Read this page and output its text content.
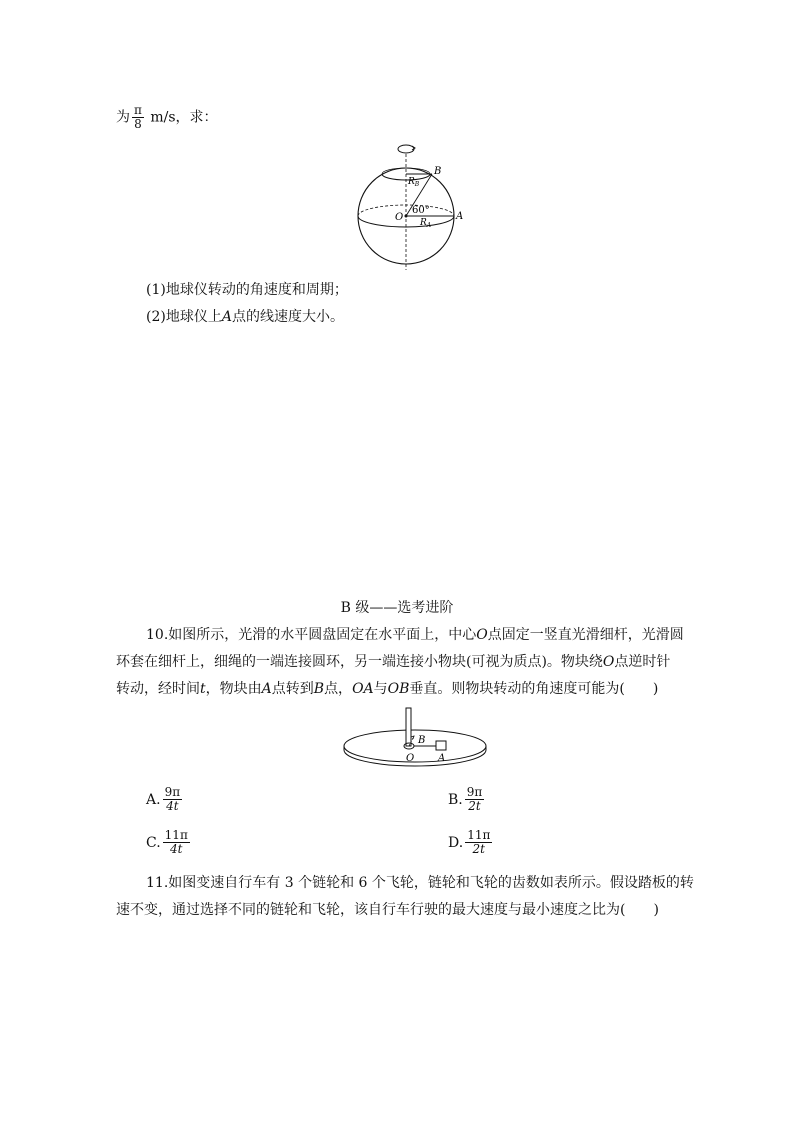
为 $\frac{\pi}{8} m/s$，求：
B
$R_B$
O
60°
$R_A$
A
(1)地球仪转动的角速度和周期；
(2)地球仪上A点的线速度大小。
B 级——选考进阶
10.如图所示，光滑的水平圆盘固定在水平面上，中心O点固定一竖直光滑细杆，光滑圆
环套在细杆上，细绳的一端连接圆环，另一端连接小物块(可视为质点)。物块绕O点逆时针
转动，经时间t，物块由A点转到B点，OA与OB垂直。则物块转动的角速度可能为(　　)
B
O A
A. $\frac{9\pi}{4t}$	B. $\frac{9\pi}{2t}$
C. $\frac{11\pi}{4t}$	D. $\frac{11\pi}{2t}$
11.如图变速自行车有 3 个链轮和 6 个飞轮，链轮和飞轮的齿数如表所示。假设踏板的转
速不变，通过选择不同的链轮和飞轮，该自行车行驶的最大速度与最小速度之比为(　　)
